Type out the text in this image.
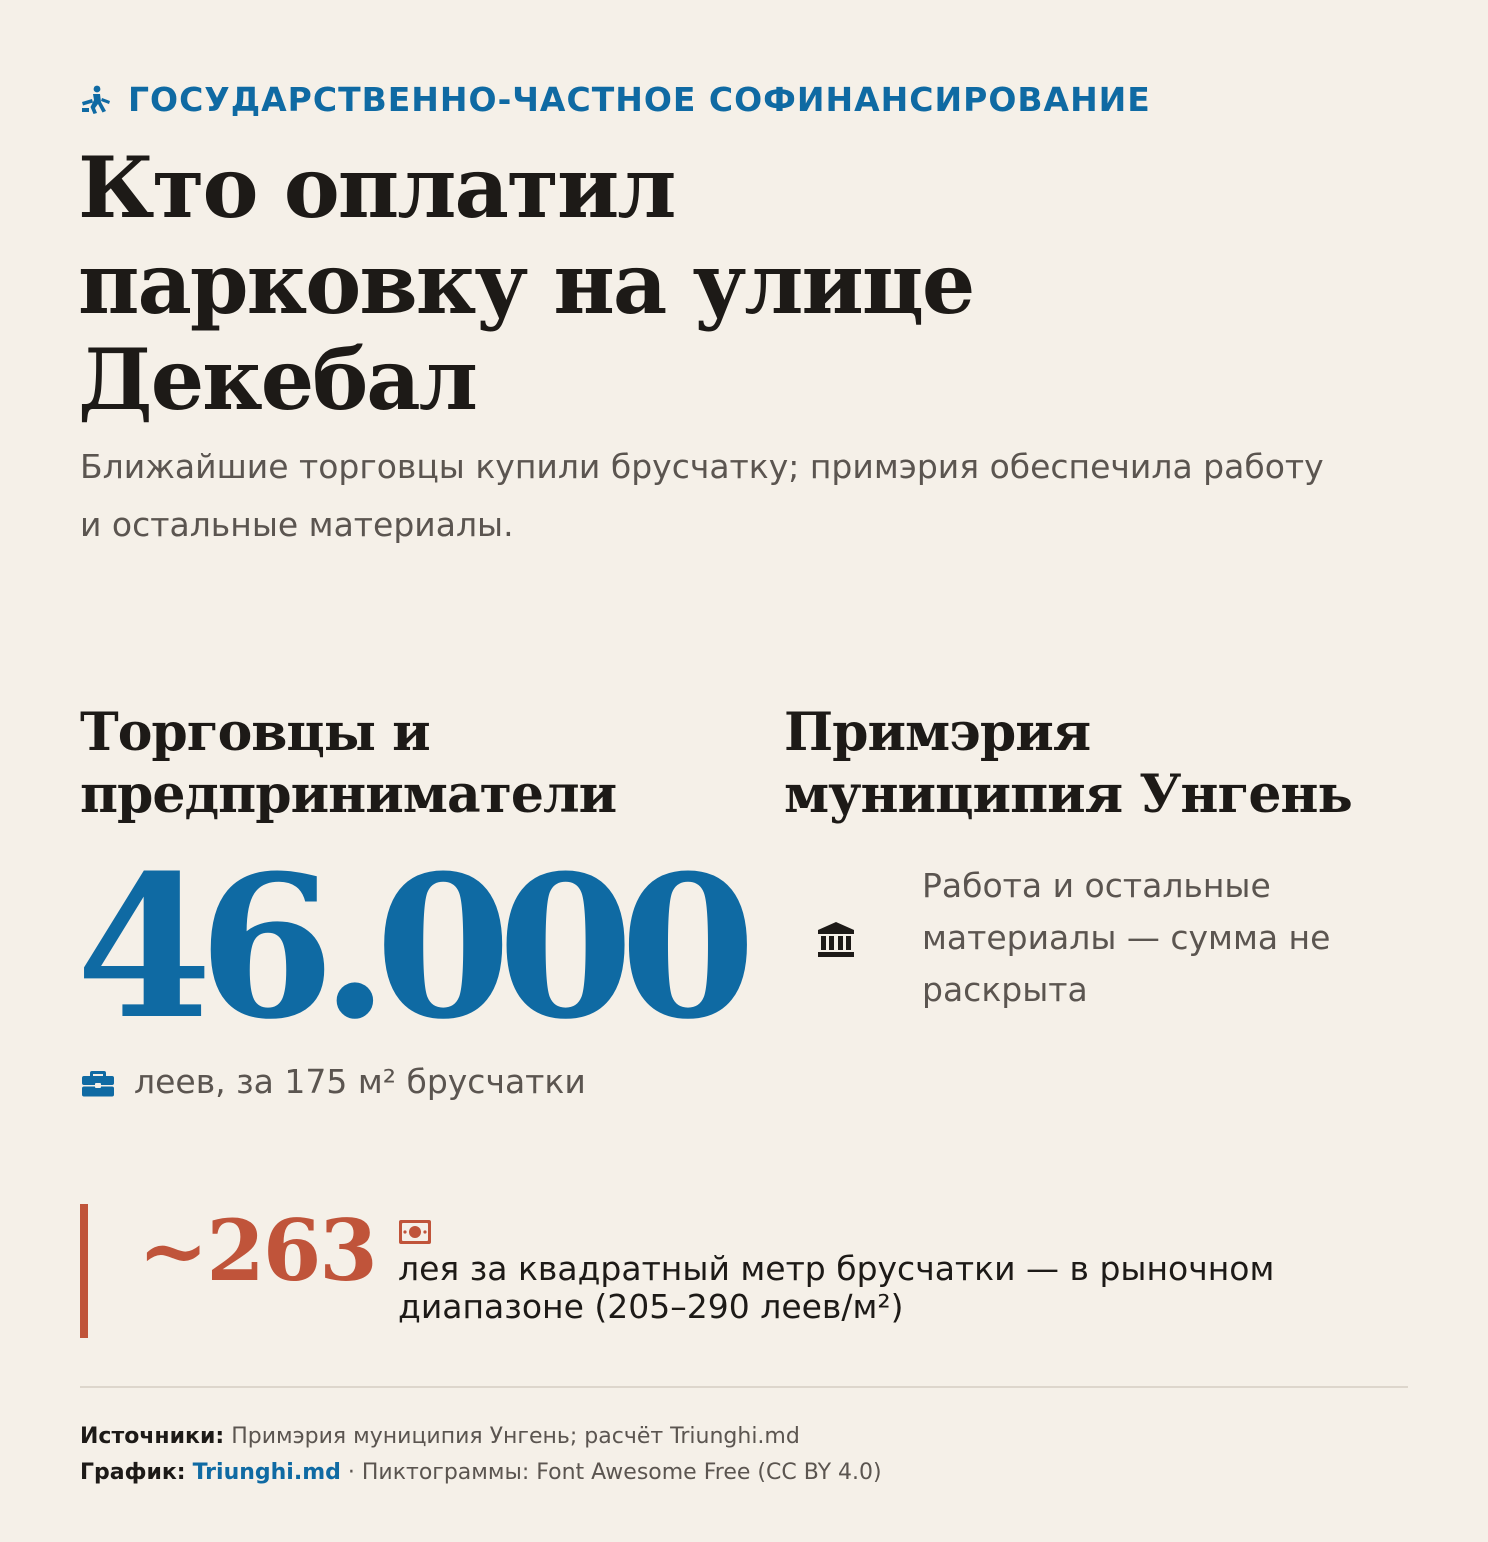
ГОСУДАРСТВЕННО-ЧАСТНОЕ СОФИНАНСИРОВАНИЕ
Кто оплатил
парковку на улице
Декебал
Ближайшие торговцы купили брусчатку; примэрия обеспечила работу и остальные материалы.
Торговцы и
предприниматели
46.000
леев, за 175 м² брусчатки
Примэрия
муниципия Унгень
Работа и остальные материалы — сумма не раскрыта
~263 лея за квадратный метр брусчатки — в рыночном
диапазоне (205–290 леев/м²)
Источники: Примэрия муниципия Унгень; расчёт Triunghi.md
График: Triunghi.md · Пиктограммы: Font Awesome Free (CC BY 4.0)
